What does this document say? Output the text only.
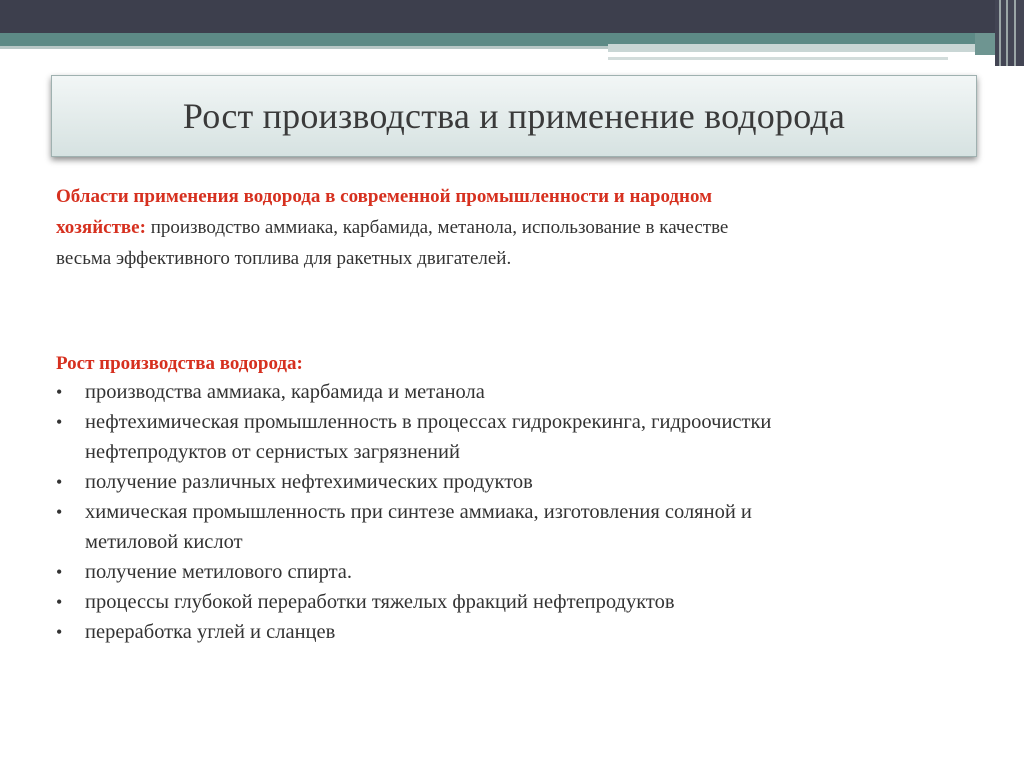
Рост производства и применение водорода
Области применения водорода в современной промышленности и народном хозяйстве: производство аммиака, карбамида, метанола, использование в качестве весьма эффективного топлива для ракетных двигателей.
Рост производства водорода:
• производства аммиака, карбамида и метанола
• нефтехимическая промышленность в процессах гидрокрекинга, гидроочистки нефтепродуктов от сернистых загрязнений
• получение различных нефтехимических продуктов
• химическая промышленность при синтезе аммиака, изготовления соляной и метиловой кислот
• получение метилового спирта.
• процессы глубокой переработки тяжелых фракций нефтепродуктов
• переработка углей и сланцев
